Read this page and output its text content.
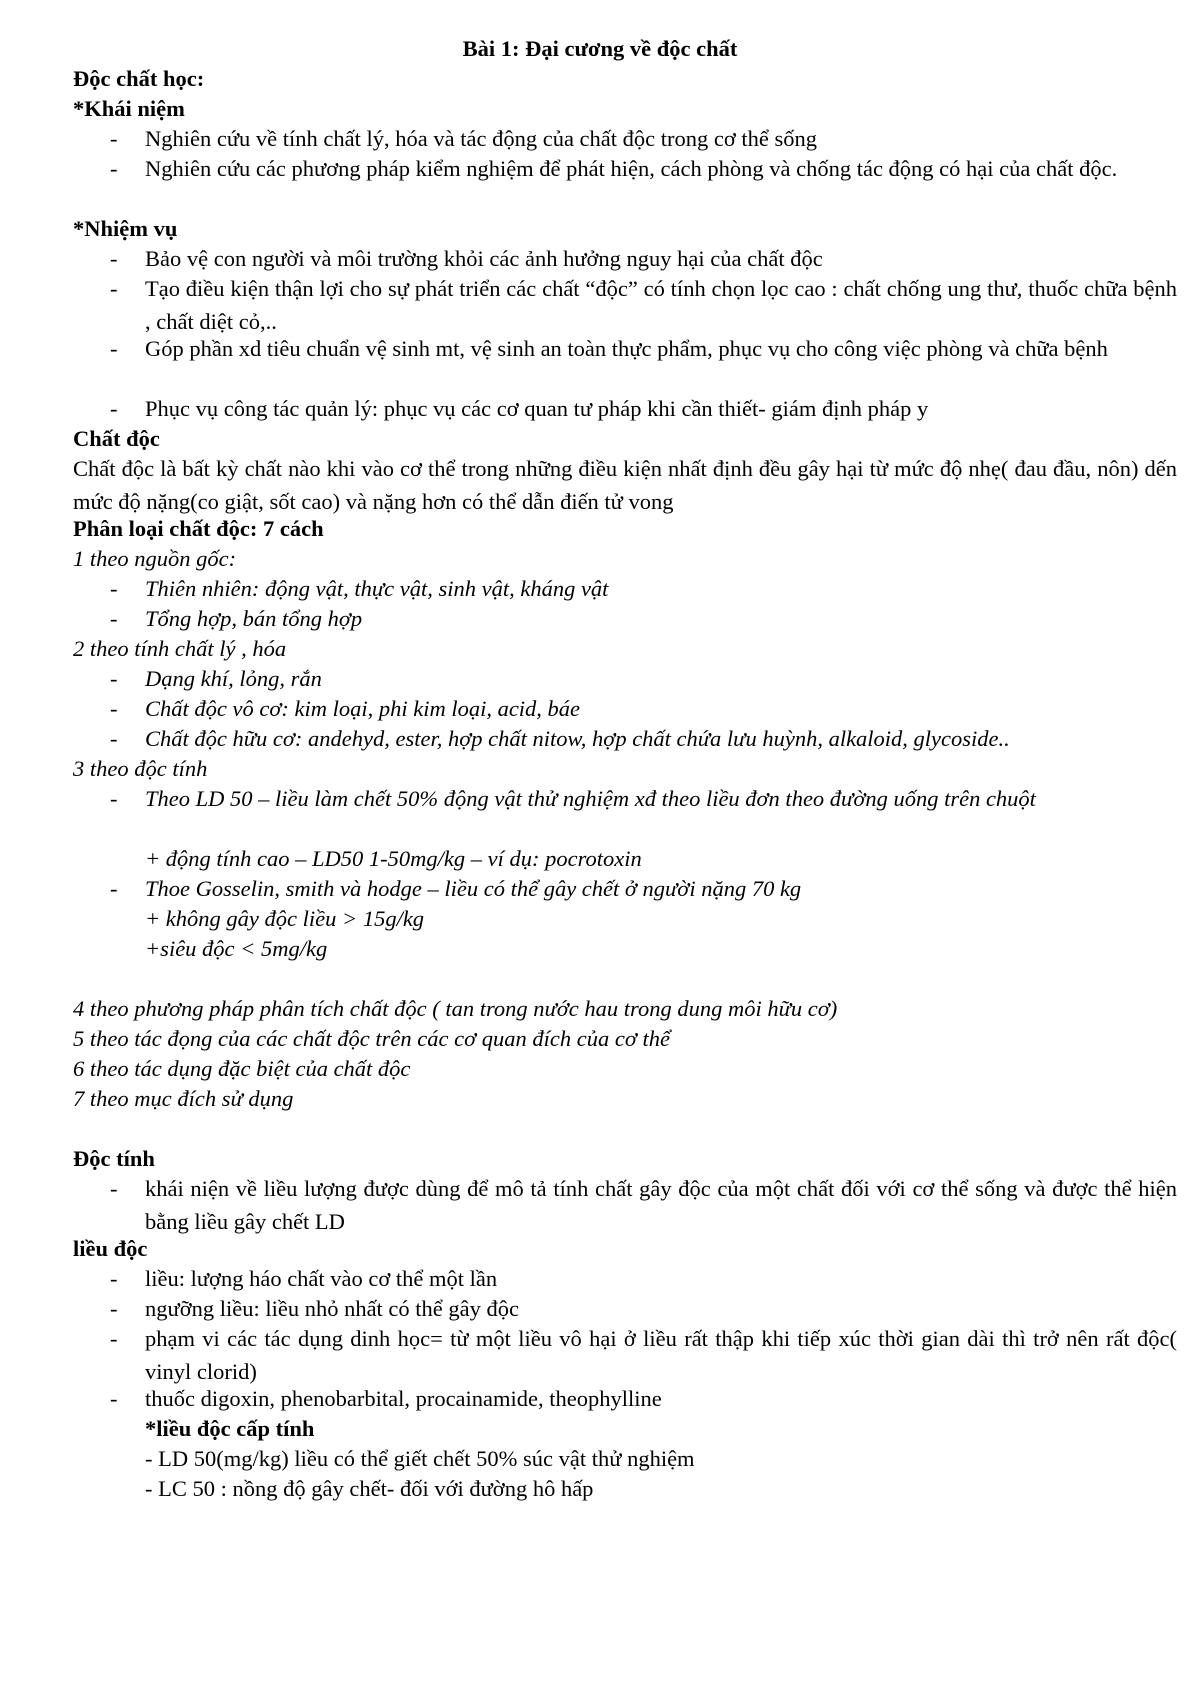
Bài 1: Đại cương về độc chất
Độc chất học:
*Khái niệm
- Nghiên cứu về tính chất lý, hóa và tác động của chất độc trong cơ thể sống
- Nghiên cứu các phương pháp kiểm nghiệm để phát hiện, cách phòng và chống tác động có hại của chất độc.
*Nhiệm vụ
- Bảo vệ con người và môi trường khỏi các ảnh hưởng nguy hại của chất độc
- Tạo điều kiện thận lợi cho sự phát triển các chất “độc” có tính chọn lọc cao : chất chống ung thư, thuốc chữa bệnh , chất diệt cỏ,..
- Góp phần xd tiêu chuẩn vệ sinh mt, vệ sinh an toàn thực phẩm, phục vụ cho công việc phòng và chữa bệnh
- Phục vụ công tác quản lý: phục vụ các cơ quan tư pháp khi cần thiết- giám định pháp y
Chất độc
Chất độc là bất kỳ chất nào khi vào cơ thể trong những điều kiện nhất định đều gây hại từ mức độ nhẹ( đau đầu, nôn) dến mức độ nặng(co giật, sốt cao) và nặng hơn có thể dẫn điến tử vong
Phân loại chất độc: 7 cách
1 theo nguồn gốc:
- Thiên nhiên: động vật, thực vật, sinh vật, kháng vật
- Tổng hợp, bán tổng hợp
2 theo tính chất lý , hóa
- Dạng khí, lỏng, rắn
- Chất độc vô cơ: kim loại, phi kim loại, acid, báe
- Chất độc hữu cơ: andehyd, ester, hợp chất nitow, hợp chất chứa lưu huỳnh, alkaloid, glycoside..
3 theo độc tính
- Theo LD 50 – liều làm chết 50% động vật thử nghiệm xđ theo liều đơn theo đường uống trên chuột
+ động tính cao – LD50 1-50mg/kg – ví dụ: pocrotoxin
- Thoe Gosselin, smith và hodge – liều có thể gây chết ở người nặng 70 kg
+ không gây độc liều > 15g/kg
+siêu độc < 5mg/kg
4 theo phương pháp phân tích chất độc ( tan trong nước hau trong dung môi hữu cơ)
5 theo tác đọng của các chất độc trên các cơ quan đích của cơ thể
6 theo tác dụng đặc biệt của chất độc
7 theo mục đích sử dụng
Độc tính
- khái niện về liều lượng được dùng để mô tả tính chất gây độc của một chất đối với cơ thể sống và được thể hiện bằng liều gây chết LD
liều độc
- liều: lượng háo chất vào cơ thể một lần
- ngưỡng liều: liều nhỏ nhất có thể gây độc
- phạm vi các tác dụng dinh học= từ một liều vô hại ở liều rất thập khi tiếp xúc thời gian dài thì trở nên rất độc( vinyl clorid)
- thuốc digoxin, phenobarbital, procainamide, theophylline
*liều độc cấp tính
- LD 50(mg/kg) liều có thể giết chết 50% súc vật thử nghiệm
- LC 50 : nồng độ gây chết- đối với đường hô hấp
